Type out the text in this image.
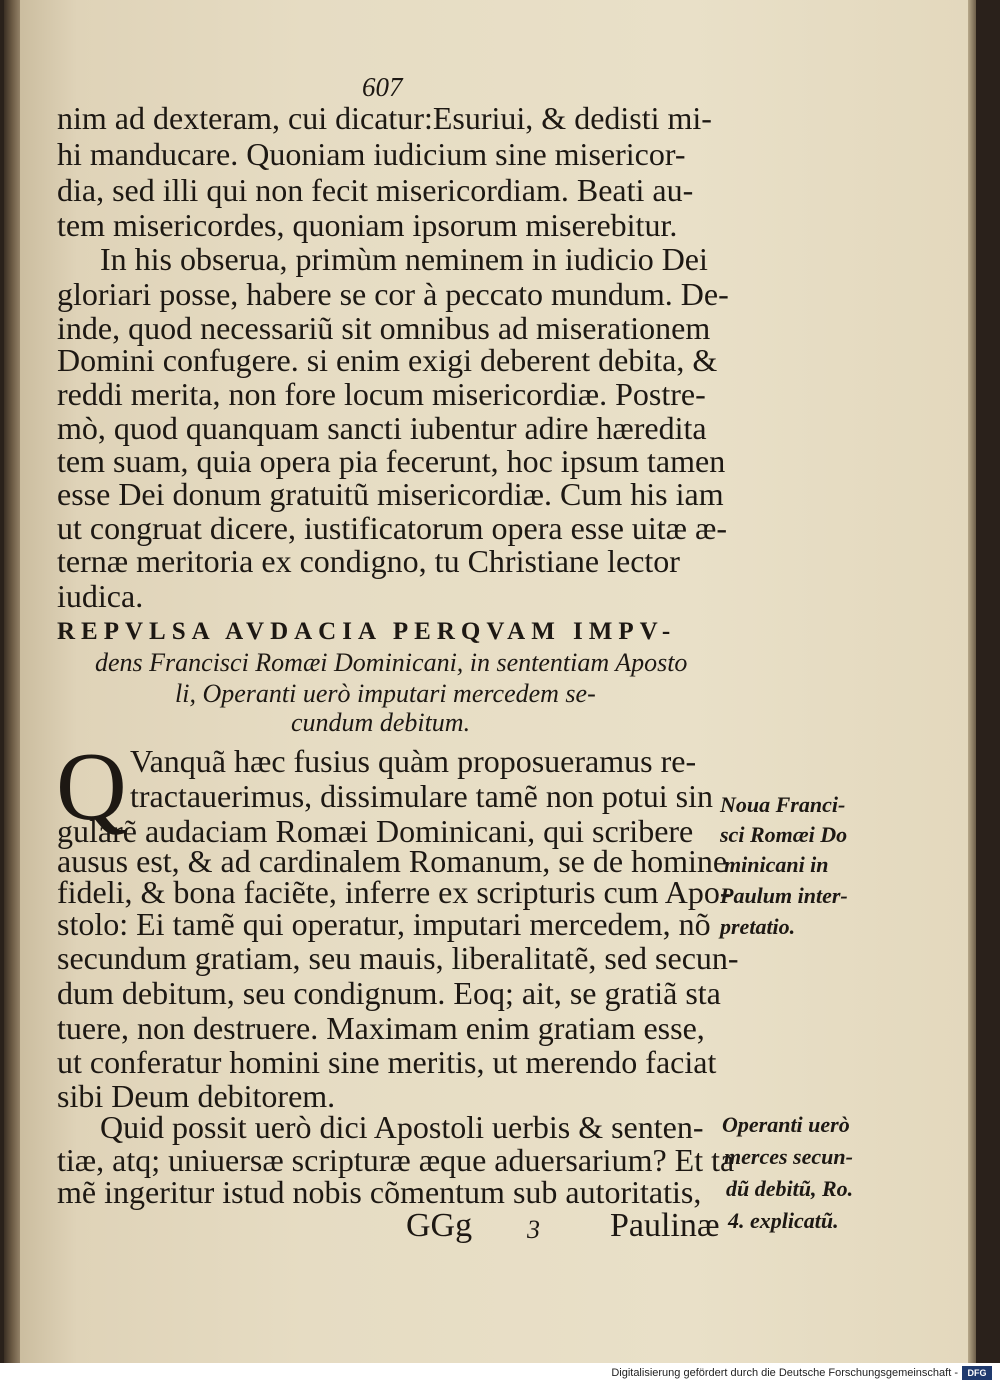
607
nim ad dexteram, cui dicatur:Esuriui, & dedisti mi-
hi manducare. Quoniam iudicium sine misericor-
dia, sed illi qui non fecit misericordiam. Beati au-
tem misericordes, quoniam ipsorum miserebitur.
In his obserua, primùm neminem in iudicio Dei
gloriari posse, habere se cor à peccato mundum. De-
inde, quod necessariũ sit omnibus ad miserationem
Domini confugere. si enim exigi deberent debita, &
reddi merita, non fore locum misericordiæ. Postre-
mò, quod quanquam sancti iubentur adire hæredita
tem suam, quia opera pia fecerunt, hoc ipsum tamen
esse Dei donum gratuitũ misericordiæ. Cum his iam
ut congruat dicere, iustificatorum opera esse uitæ æ-
ternæ meritoria ex condigno, tu Christiane lector
iudica.
REPVLSA AVDACIA PERQVAM IMPV-
dens Francisci Romæi Dominicani, in sententiam Aposto
li, Operanti uerò imputari mercedem se-
cundum debitum.
Q Vanquã hæc fusius quàm proposueramus re-
tractauerimus, dissimulare tamẽ non potui sin
gularẽ audaciam Romæi Dominicani, qui scribere
ausus est, & ad cardinalem Romanum, se de homine
fideli, & bona faciẽte, inferre ex scripturis cum Apo-
stolo: Ei tamẽ qui operatur, imputari mercedem, nõ
secundum gratiam, seu mauis, liberalitatẽ, sed secun-
dum debitum, seu condignum. Eoq; ait, se gratiã sta
tuere, non destruere. Maximam enim gratiam esse,
ut conferatur homini sine meritis, ut merendo faciat
sibi Deum debitorem.
Quid possit uerò dici Apostoli uerbis & senten-
tiæ, atq; uniuersæ scripturæ æque aduersarium? Et ta
mẽ ingeritur istud nobis cõmentum sub autoritatis,
Noua Franci-
sci Romæi Do
minicani in
Paulum inter-
pretatio.
Operanti uerò
merces secun-
dũ debitũ, Ro.
4. explicatũ.
GGg 3 Paulinæ
Digitalisierung gefördert durch die Deutsche Forschungsgemeinschaft -	DFG
